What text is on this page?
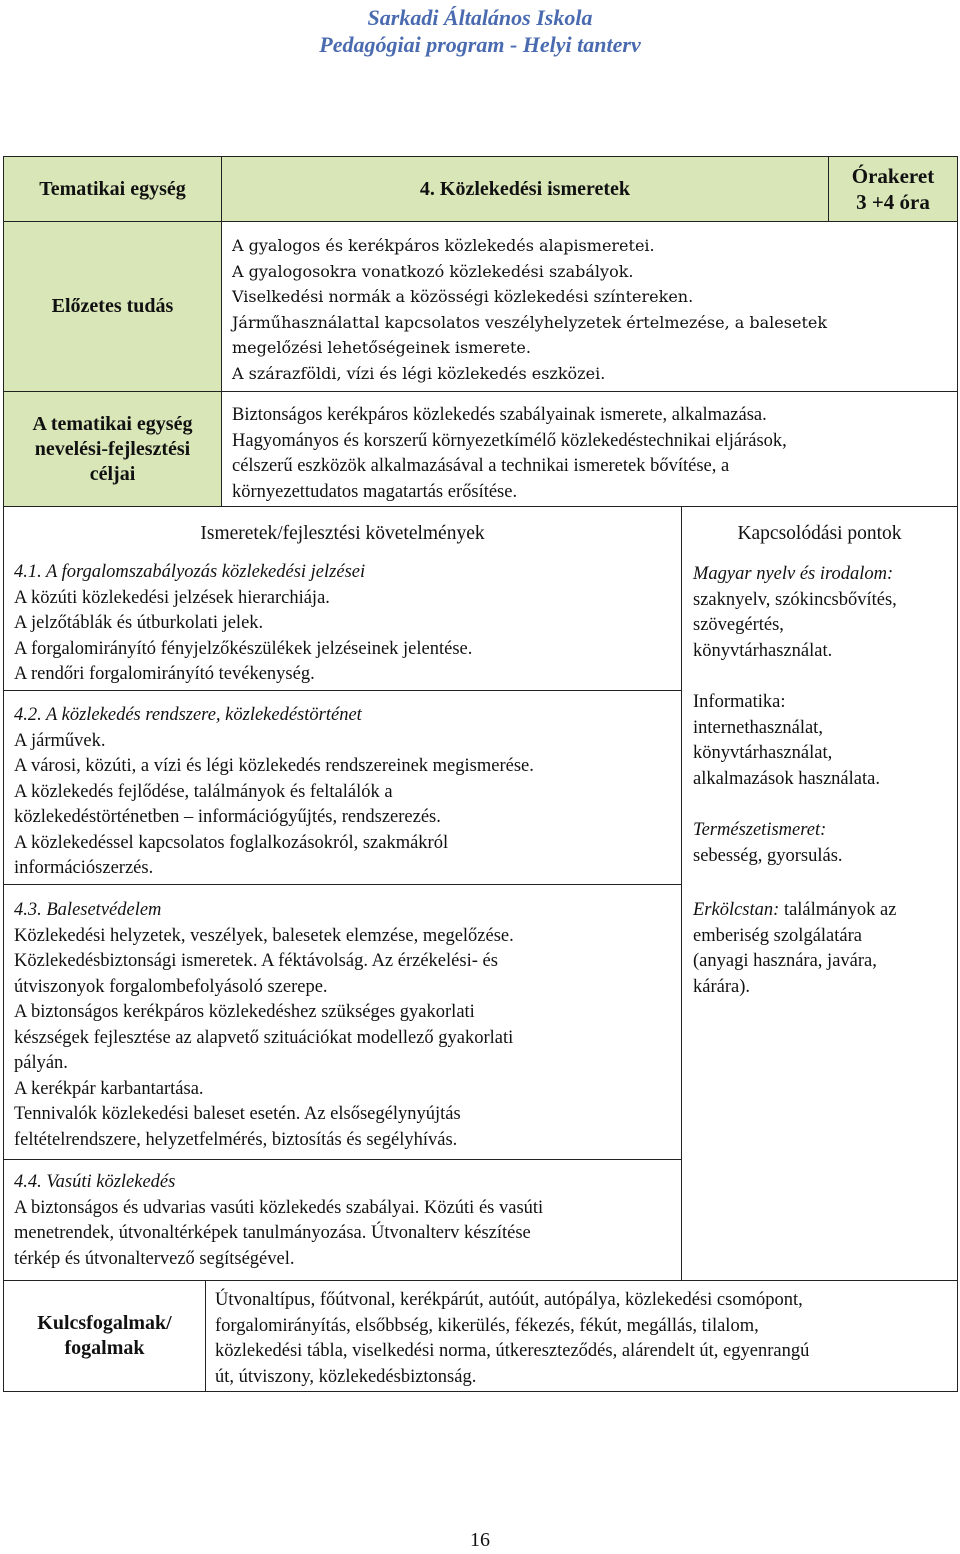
Sarkadi Általános Iskola
Pedagógiai program - Helyi tanterv
Tematikai egység	4. Közlekedési ismeretek
Órakeret
3 +4 óra
Előzetes tudás
A gyalogos és kerékpáros közlekedés alapismeretei.
A gyalogosokra vonatkozó közlekedési szabályok.
Viselkedési normák a közösségi közlekedési színtereken.
Járműhasználattal kapcsolatos veszélyhelyzetek értelmezése, a balesetek
megelőzési lehetőségeinek ismerete.
A szárazföldi, vízi és légi közlekedés eszközei.
A tematikai egység
nevelési-fejlesztési
céljai
Biztonságos kerékpáros közlekedés szabályainak ismerete, alkalmazása.
Hagyományos és korszerű környezetkímélő közlekedéstechnikai eljárások,
célszerű eszközök alkalmazásával a technikai ismeretek bővítése, a
környezettudatos magatartás erősítése.
Ismeretek/fejlesztési követelmények	Kapcsolódási pontok
4.1. A forgalomszabályozás közlekedési jelzései
A közúti közlekedési jelzések hierarchiája.
A jelzőtáblák és útburkolati jelek.
A forgalomirányító fényjelzőkészülékek jelzéseinek jelentése.
A rendőri forgalomirányító tevékenység.
4.2. A közlekedés rendszere, közlekedéstörténet
A járművek.
A városi, közúti, a vízi és légi közlekedés rendszereinek megismerése.
A közlekedés fejlődése, találmányok és feltalálók a
közlekedéstörténetben – információgyűjtés, rendszerezés.
A közlekedéssel kapcsolatos foglalkozásokról, szakmákról
információszerzés.
4.3. Balesetvédelem
Közlekedési helyzetek, veszélyek, balesetek elemzése, megelőzése.
Közlekedésbiztonsági ismeretek. A féktávolság. Az érzékelési- és
útviszonyok forgalombefolyásoló szerepe.
A biztonságos kerékpáros közlekedéshez szükséges gyakorlati
készségek fejlesztése az alapvető szituációkat modellező gyakorlati
pályán.
A kerékpár karbantartása.
Tennivalók közlekedési baleset esetén. Az elsősegélynyújtás
feltételrendszere, helyzetfelmérés, biztosítás és segélyhívás.
4.4. Vasúti közlekedés
A biztonságos és udvarias vasúti közlekedés szabályai. Közúti és vasúti
menetrendek, útvonaltérképek tanulmányozása. Útvonalterv készítése
térkép és útvonaltervező segítségével.
Magyar nyelv és irodalom:
szaknyelv, szókincsbővítés,
szövegértés,
könyvtárhasználat.
Informatika:
internethasználat,
könyvtárhasználat,
alkalmazások használata.
Természetismeret:
sebesség, gyorsulás.
Erkölcstan: találmányok az
emberiség szolgálatára
(anyagi hasznára, javára,
kárára).
Kulcsfogalmak/
fogalmak
Útvonaltípus, főútvonal, kerékpárút, autóút, autópálya, közlekedési csomópont,
forgalomirányítás, elsőbbség, kikerülés, fékezés, fékút, megállás, tilalom,
közlekedési tábla, viselkedési norma, útkereszteződés, alárendelt út, egyenrangú
út, útviszony, közlekedésbiztonság.
16
